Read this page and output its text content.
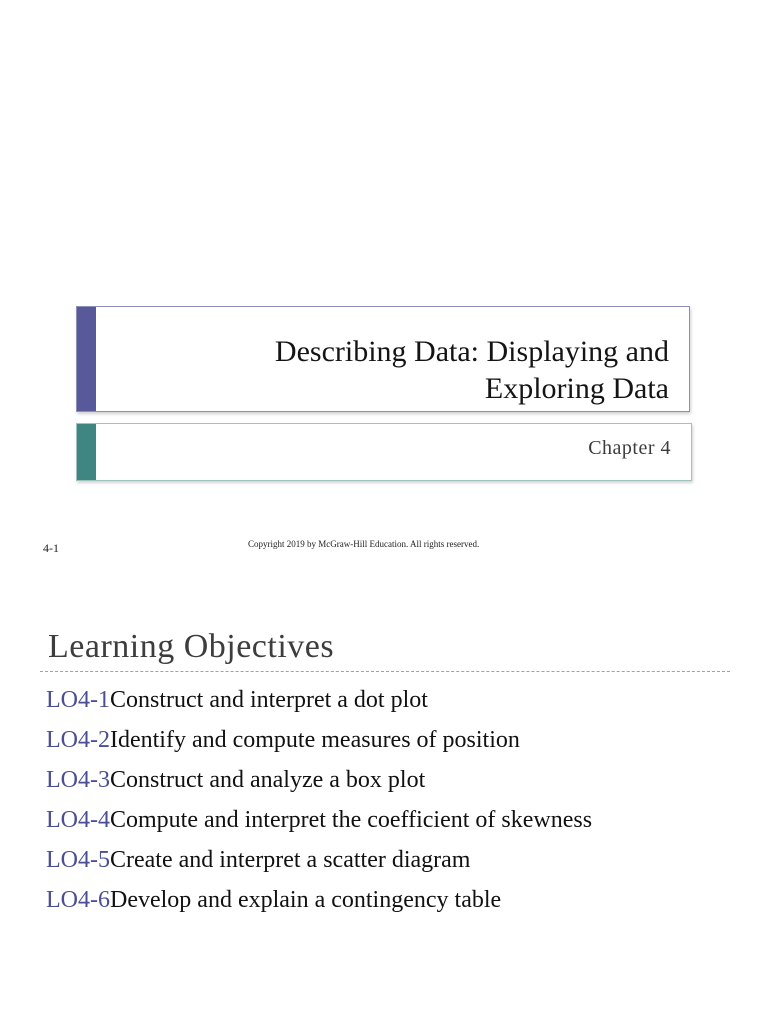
Describing Data: Displaying and
Exploring Data
Chapter 4
4-1	Copyright 2019 by McGraw-Hill Education. All rights reserved.
Learning Objectives
LO4-1Construct and interpret a dot plot
LO4-2Identify and compute measures of position
LO4-3Construct and analyze a box plot
LO4-4Compute and interpret the coefficient of skewness
LO4-5Create and interpret a scatter diagram
LO4-6Develop and explain a contingency table
